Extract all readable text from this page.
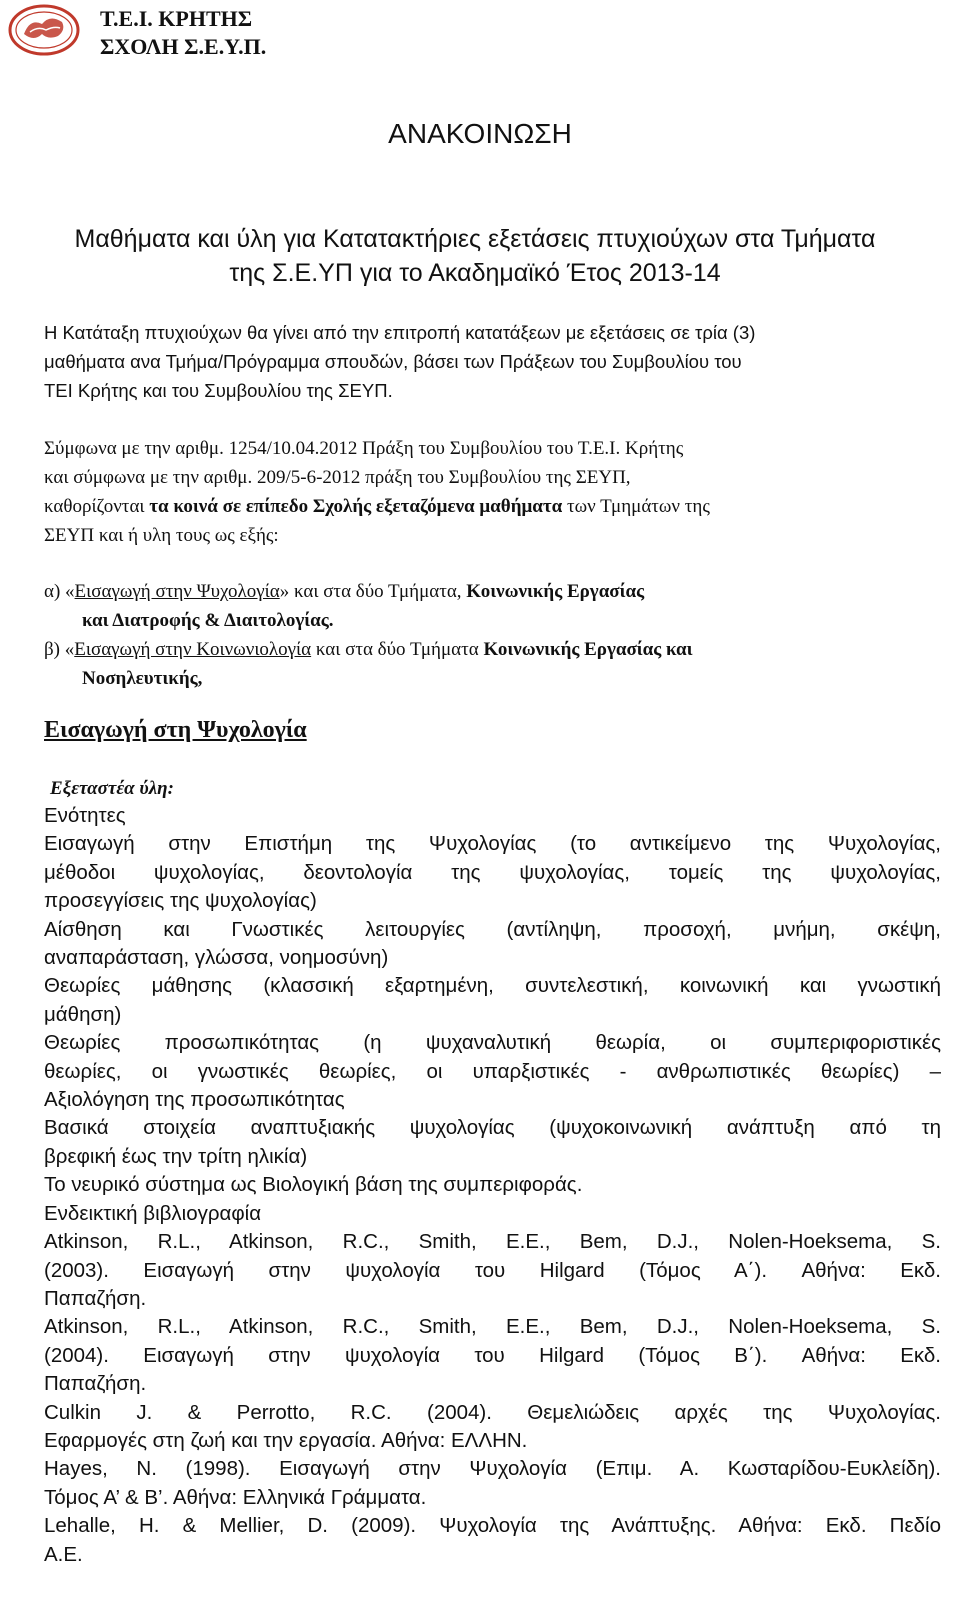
Τ.Ε.Ι. ΚΡΗΤΗΣ
ΣΧΟΛΗ Σ.Ε.Υ.Π.
ΑΝΑΚΟΙΝΩΣΗ
Μαθήματα και ύλη για Κατατακτήριες εξετάσεις πτυχιούχων στα Τμήματα
της Σ.Ε.ΥΠ για το Ακαδημαϊκό Έτος 2013-14
Η Κατάταξη πτυχιούχων θα γίνει από την επιτροπή κατατάξεων με εξετάσεις σε τρία (3)
μαθήματα ανα Τμήμα/Πρόγραμμα σπουδών, βάσει των Πράξεων του Συμβουλίου του
ΤΕΙ Κρήτης και του Συμβουλίου της ΣΕΥΠ.
Σύμφωνα με την αριθμ. 1254/10.04.2012 Πράξη του Συμβουλίου του Τ.Ε.Ι. Κρήτης
και σύμφωνα με την αριθμ. 209/5-6-2012 πράξη του Συμβουλίου της ΣΕΥΠ,
καθορίζονται τα κοινά σε επίπεδο Σχολής εξεταζόμενα μαθήματα των Τμημάτων της
ΣΕΥΠ και ή υλη τους ως εξής:
α) «Εισαγωγή στην Ψυχολογία» και στα δύο Τμήματα, Κοινωνικής Εργασίας
και Διατροφής & Διαιτολογίας.
β) «Εισαγωγή στην Κοινωνιολογία και στα δύο Τμήματα Κοινωνικής Εργασίας και
Νοσηλευτικής,
Εισαγωγή στη Ψυχολογία
Εξεταστέα ύλη:
Ενότητες
Εισαγωγή στην Επιστήμη της Ψυχολογίας (το αντικείμενο της Ψυχολογίας,
μέθοδοι ψυχολογίας, δεοντολογία της ψυχολογίας, τομείς της ψυχολογίας,
προσεγγίσεις της ψυχολογίας)
Αίσθηση και Γνωστικές λειτουργίες (αντίληψη, προσοχή, μνήμη, σκέψη,
αναπαράσταση, γλώσσα, νοημοσύνη)
Θεωρίες μάθησης (κλασσική εξαρτημένη, συντελεστική, κοινωνική και γνωστική
μάθηση)
Θεωρίες προσωπικότητας (η ψυχαναλυτική θεωρία, οι συμπεριφοριστικές
θεωρίες, οι γνωστικές θεωρίες, οι υπαρξιστικές - ανθρωπιστικές θεωρίες) –
Αξιολόγηση της προσωπικότητας
Βασικά στοιχεία αναπτυξιακής ψυχολογίας (ψυχοκοινωνική ανάπτυξη από τη
βρεφική έως την τρίτη ηλικία)
Το νευρικό σύστημα ως Βιολογική βάση της συμπεριφοράς.
Ενδεικτική βιβλιογραφία
Atkinson, R.L., Atkinson, R.C., Smith, E.E., Bem, D.J., Nolen-Hoeksema, S.
(2003). Εισαγωγή στην ψυχολογία του Hilgard (Τόμος Α΄). Αθήνα: Εκδ.
Παπαζήση.
Atkinson, R.L., Atkinson, R.C., Smith, E.E., Bem, D.J., Nolen-Hoeksema, S.
(2004). Εισαγωγή στην ψυχολογία του Hilgard (Τόμος Β΄). Αθήνα: Εκδ.
Παπαζήση.
Culkin J. & Perrotto, R.C. (2004). Θεμελιώδεις αρχές της Ψυχολογίας.
Εφαρμογές στη ζωή και την εργασία. Αθήνα: ΕΛΛΗΝ.
Hayes, N. (1998). Εισαγωγή στην Ψυχολογία (Επιμ. Α. Κωσταρίδου-Ευκλείδη).
Τόμος Α’ & Β’. Αθήνα: Ελληνικά Γράμματα.
Lehalle, H. & Mellier, D. (2009). Ψυχολογία της Ανάπτυξης. Αθήνα: Εκδ. Πεδίο
Α.Ε.
